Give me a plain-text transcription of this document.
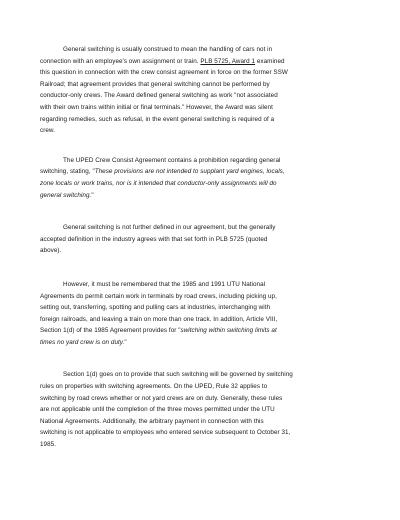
General switching is usually construed to mean the handling of cars not in
connection with an employee's own assignment or train. PLB 5725, Award 1 examined
this question in connection with the crew consist agreement in force on the former SSW
Railroad; that agreement provides that general switching cannot be performed by
conductor-only crews. The Award defined general switching as work "not associated
with their own trains within initial or final terminals." However, the Award was silent
regarding remedies, such as refusal, in the event general switching is required of a
crew.

The UPED Crew Consist Agreement contains a prohibition regarding general
switching, stating, "These provisions are not intended to supplant yard engines, locals,
zone locals or work trains, nor is it intended that conductor-only assignments will do
general switching."

General switching is not further defined in our agreement, but the generally
accepted definition in the industry agrees with that set forth in PLB 5725 (quoted
above).

However, it must be remembered that the 1985 and 1991 UTU National
Agreements do permit certain work in terminals by road crews, including picking up,
setting out, transferring, spotting and pulling cars at industries, interchanging with
foreign railroads, and leaving a train on more than one track. In addition, Article VIII,
Section 1(d) of the 1985 Agreement provides for "switching within switching limits at
times no yard crew is on duty."

Section 1(d) goes on to provide that such switching will be governed by switching
rules on properties with switching agreements. On the UPED, Rule 32 applies to
switching by road crews whether or not yard crews are on duty. Generally, these rules
are not applicable until the completion of the three moves permitted under the UTU
National Agreements. Additionally, the arbitrary payment in connection with this
switching is not applicable to employees who entered service subsequent to October 31,
1985.
